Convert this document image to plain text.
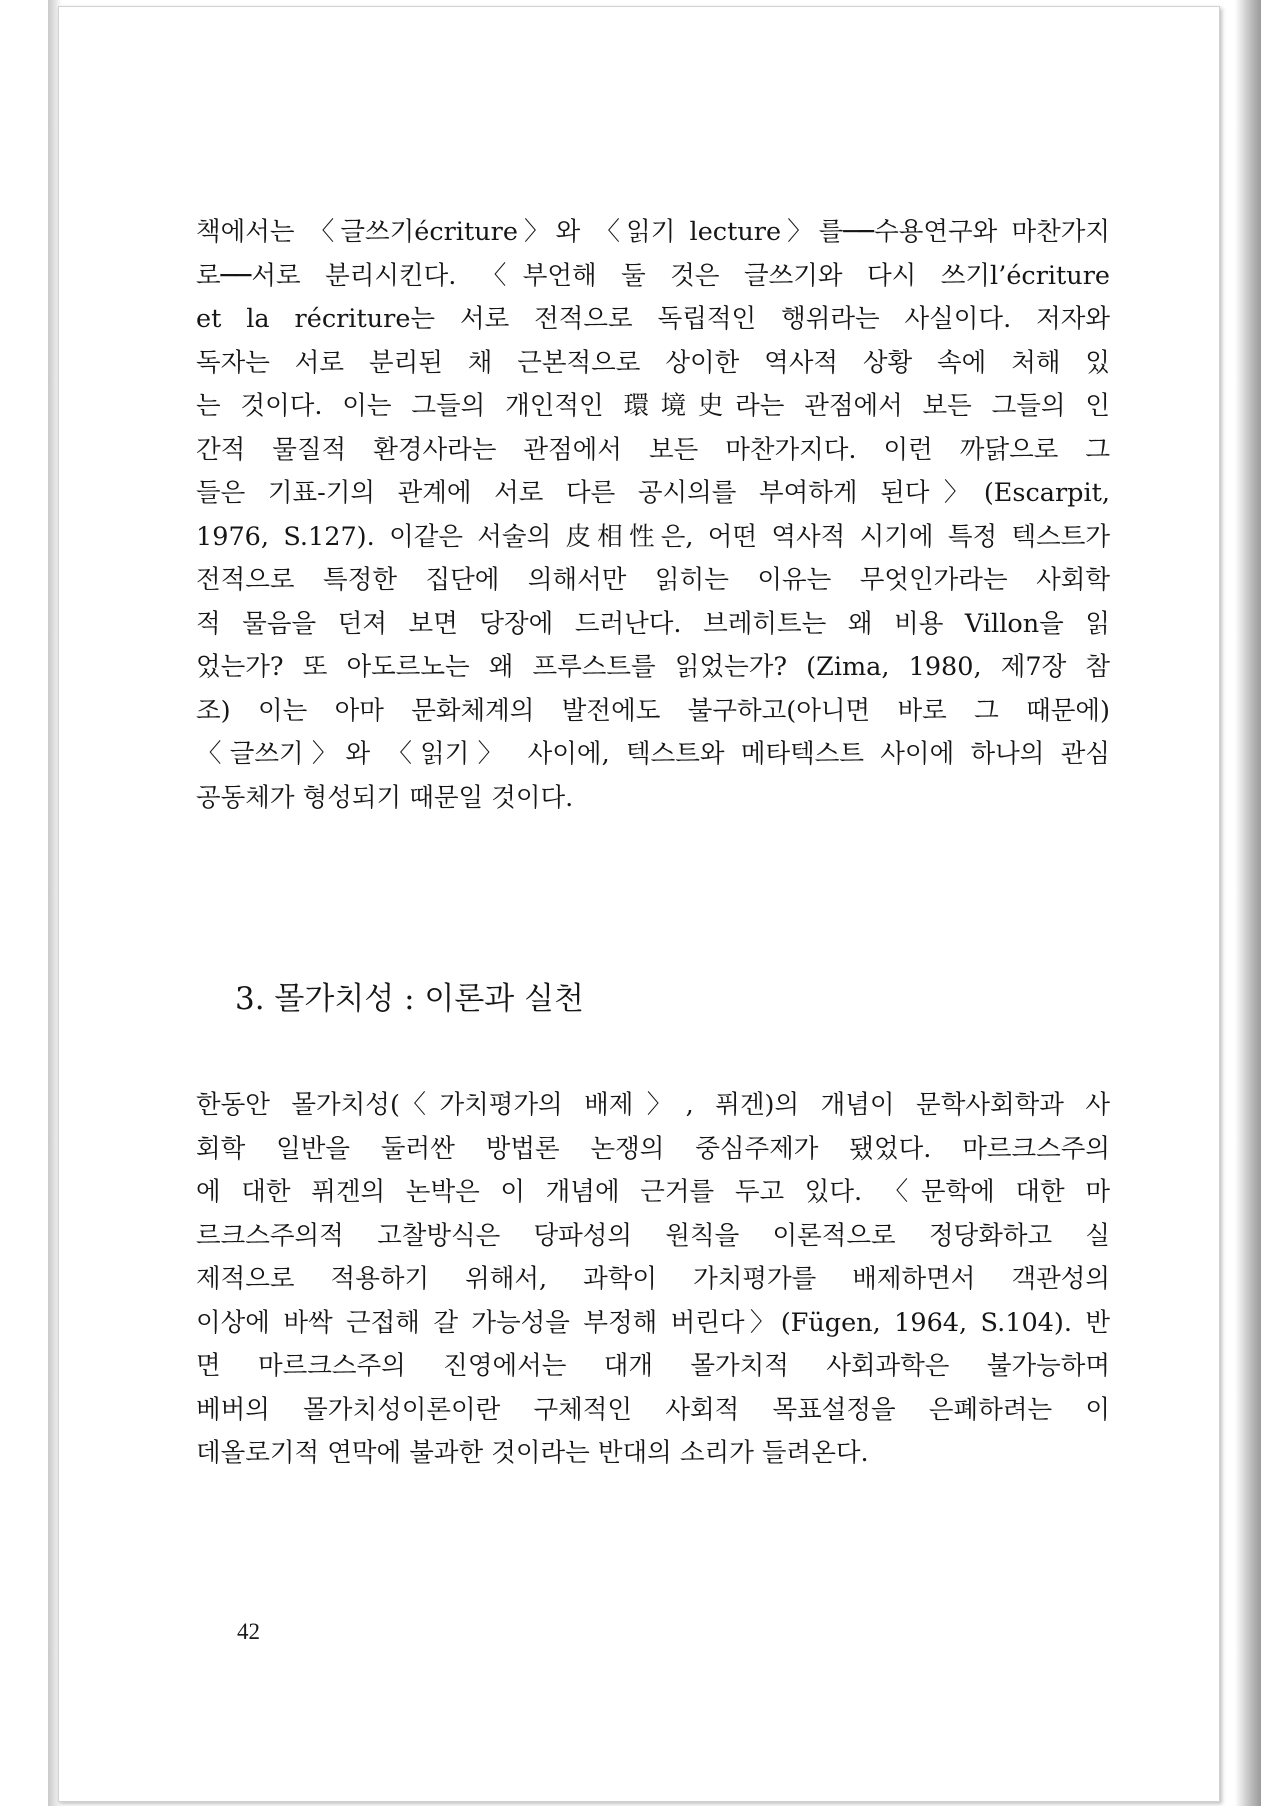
책에서는 〈글쓰기écriture〉와 〈읽기 lecture〉를──수용연구와 마찬가지
로──서로 분리시킨다. 〈부언해 둘 것은 글쓰기와 다시 쓰기l’écriture
et la récriture는 서로 전적으로 독립적인 행위라는 사실이다. 저자와
독자는 서로 분리된 채 근본적으로 상이한 역사적 상황 속에 처해 있
는 것이다. 이는 그들의 개인적인 環境史라는 관점에서 보든 그들의 인
간적 물질적 환경사라는 관점에서 보든 마찬가지다. 이런 까닭으로 그
들은 기표-기의 관계에 서로 다른 공시의를 부여하게 된다〉(Escarpit,
1976, S.127). 이같은 서술의 皮相性은, 어떤 역사적 시기에 특정 텍스트가
전적으로 특정한 집단에 의해서만 읽히는 이유는 무엇인가라는 사회학
적 물음을 던져 보면 당장에 드러난다. 브레히트는 왜 비용 Villon을 읽
었는가? 또 아도르노는 왜 프루스트를 읽었는가? (Zima, 1980, 제7장 참
조) 이는 아마 문화체계의 발전에도 불구하고(아니면 바로 그 때문에)
〈글쓰기〉와 〈읽기〉 사이에, 텍스트와 메타텍스트 사이에 하나의 관심
공동체가 형성되기 때문일 것이다.
3. 몰가치성 : 이론과 실천
한동안 몰가치성(〈가치평가의 배제〉, 퓌겐)의 개념이 문학사회학과 사
회학 일반을 둘러싼 방법론 논쟁의 중심주제가 됐었다. 마르크스주의
에 대한 퓌겐의 논박은 이 개념에 근거를 두고 있다. 〈문학에 대한 마
르크스주의적 고찰방식은 당파성의 원칙을 이론적으로 정당화하고 실
제적으로 적용하기 위해서, 과학이 가치평가를 배제하면서 객관성의
이상에 바싹 근접해 갈 가능성을 부정해 버린다〉(Fügen, 1964, S.104). 반
면 마르크스주의 진영에서는 대개 몰가치적 사회과학은 불가능하며
베버의 몰가치성이론이란 구체적인 사회적 목표설정을 은폐하려는 이
데올로기적 연막에 불과한 것이라는 반대의 소리가 들려온다.
42
